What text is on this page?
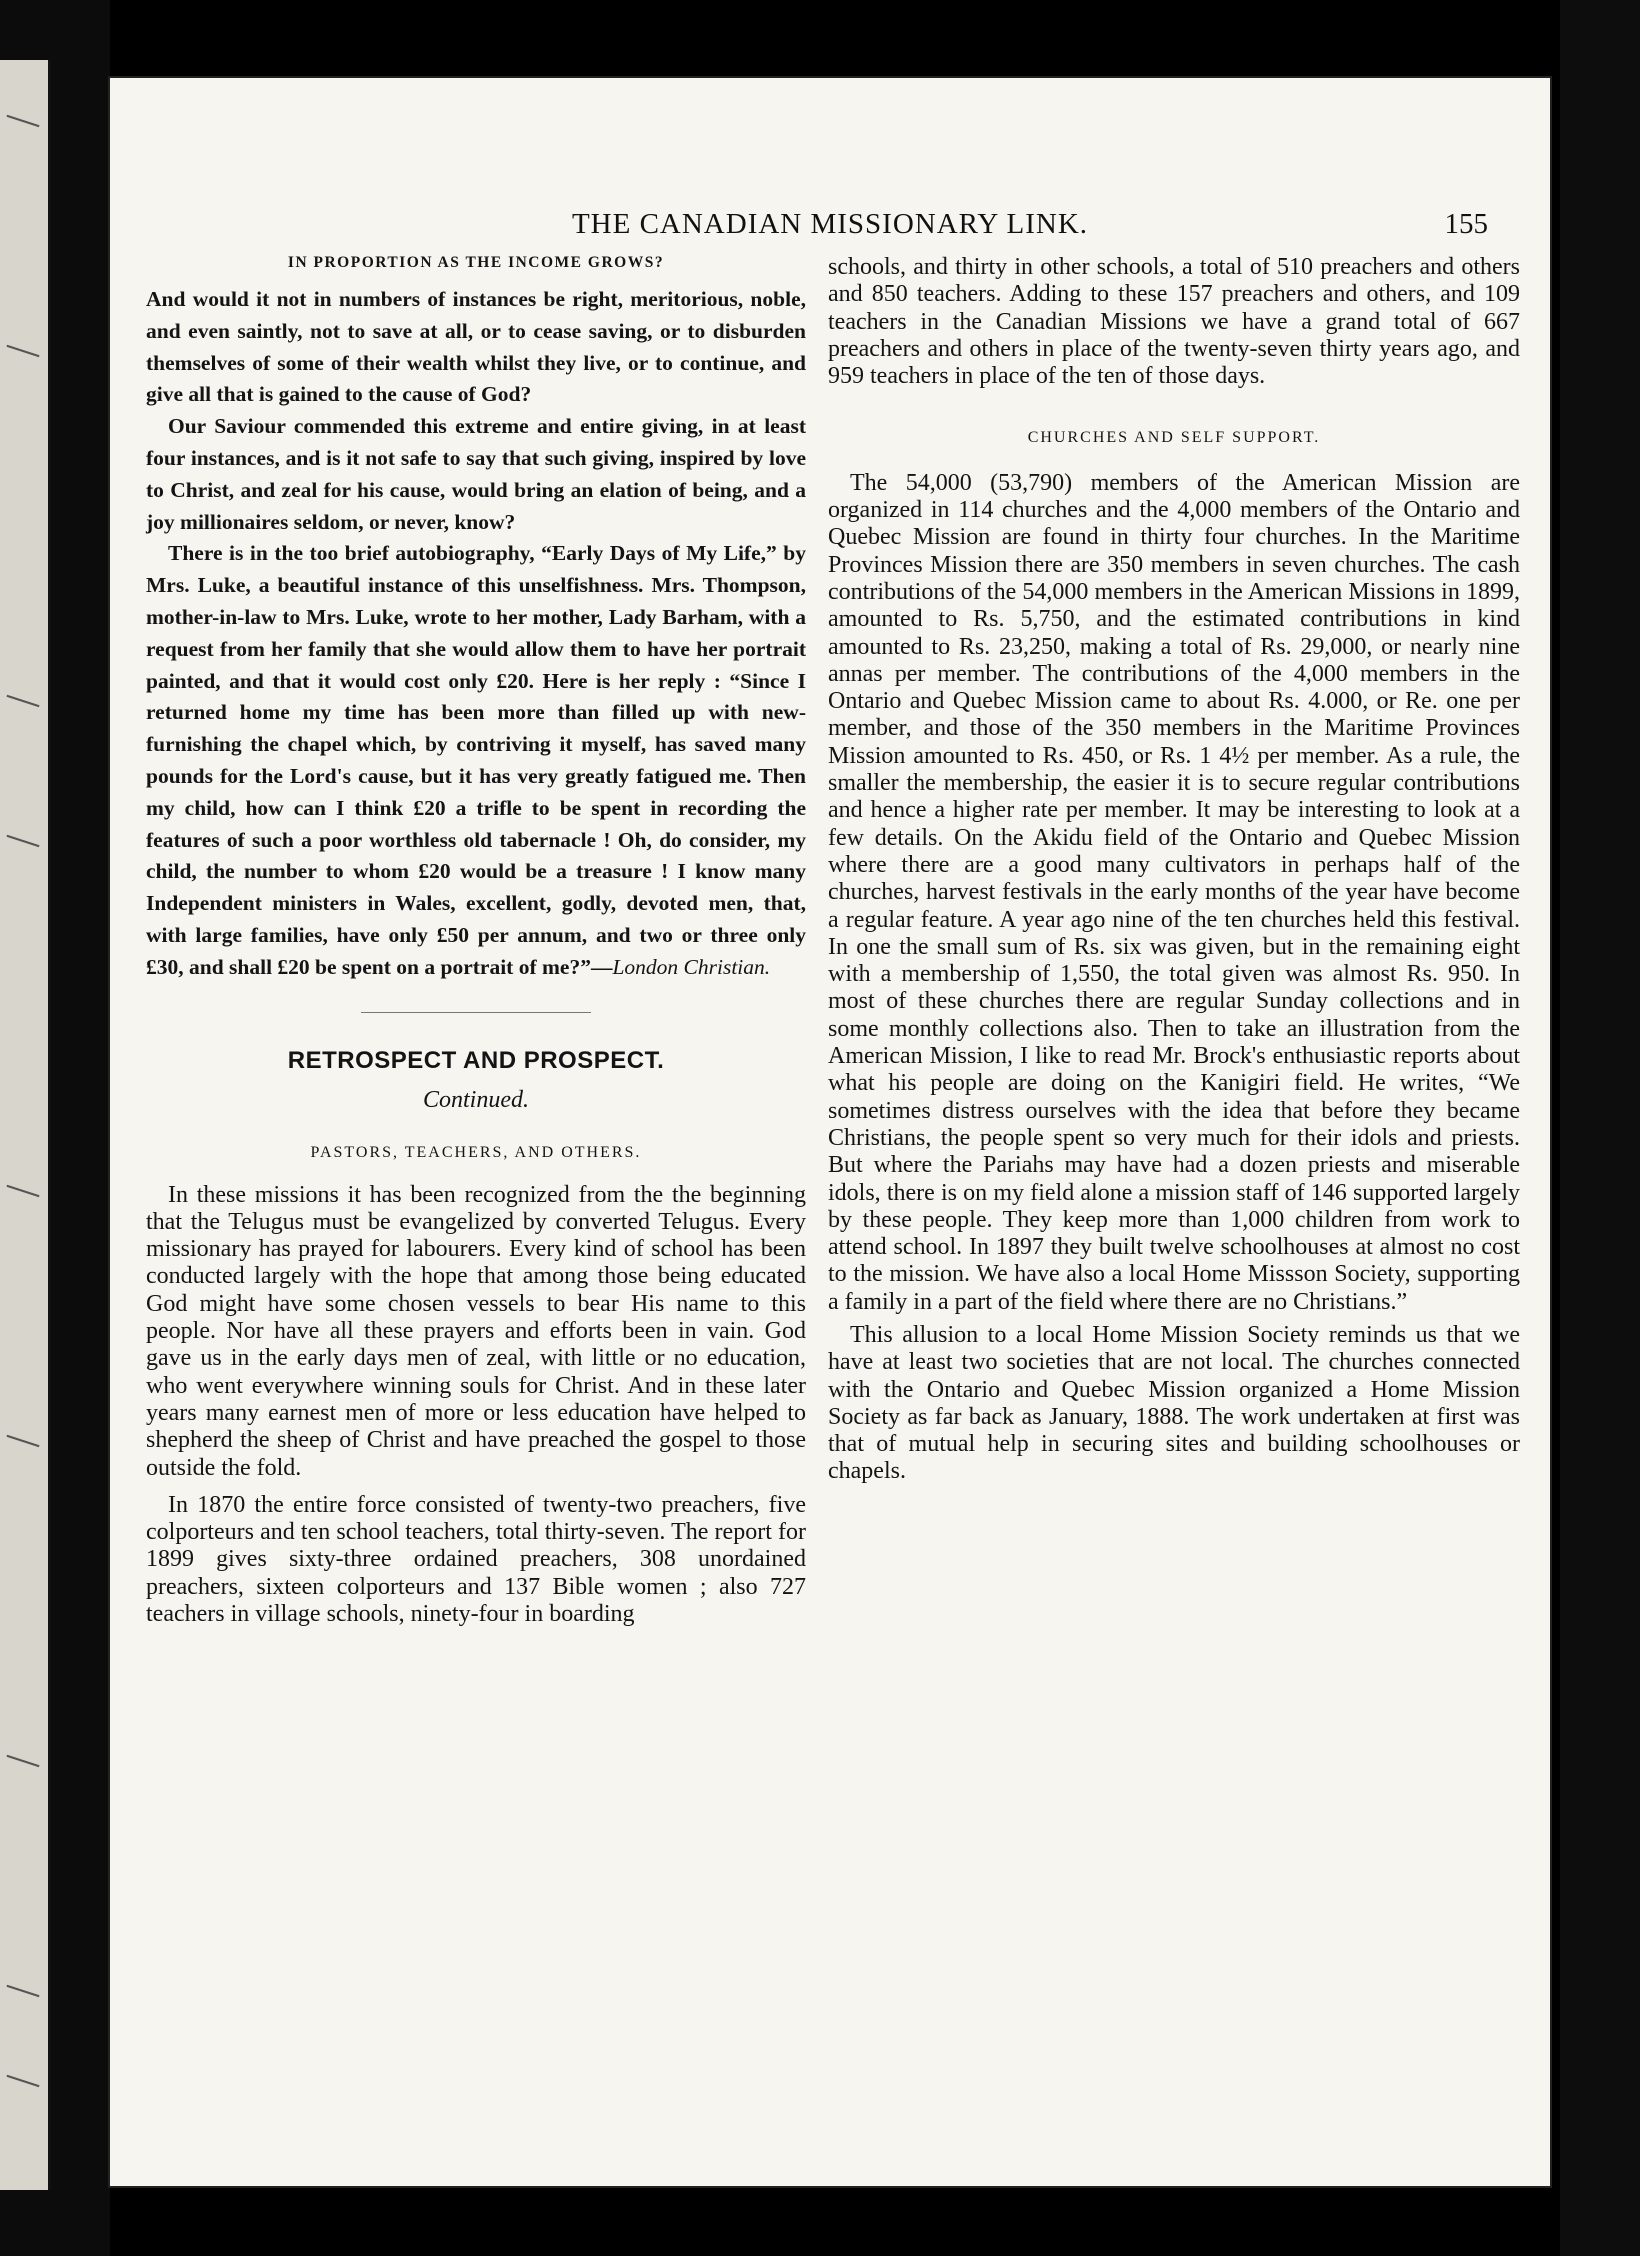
THE CANADIAN MISSIONARY LINK.	155
IN PROPORTION AS THE INCOME GROWS?

And would it not in numbers of instances be right, meritorious, noble, and even saintly, not to save at all, or to cease saving, or to disburden themselves of some of their wealth whilst they live, or to continue, and give all that is gained to the cause of God?

Our Saviour commended this extreme and entire giving, in at least four instances, and is it not safe to say that such giving, inspired by love to Christ, and zeal for his cause, would bring an elation of being, and a joy millionaires seldom, or never, know?

There is in the too brief autobiography, “Early Days of My Life,” by Mrs. Luke, a beautiful instance of this unselfishness. Mrs. Thompson, mother-in-law to Mrs. Luke, wrote to her mother, Lady Barham, with a request from her family that she would allow them to have her portrait painted, and that it would cost only £20. Here is her reply : “Since I returned home my time has been more than filled up with new-furnishing the chapel which, by contriving it myself, has saved many pounds for the Lord's cause, but it has very greatly fatigued me. Then my child, how can I think £20 a trifle to be spent in recording the features of such a poor worthless old tabernacle ! Oh, do consider, my child, the number to whom £20 would be a treasure ! I know many Independent ministers in Wales, excellent, godly, devoted men, that, with large families, have only £50 per annum, and two or three only £30, and shall £20 be spent on a portrait of me?”—London Christian.

RETROSPECT AND PROSPECT.
Continued.
PASTORS, TEACHERS, AND OTHERS.

In these missions it has been recognized from the the beginning that the Telugus must be evangelized by converted Telugus. Every missionary has prayed for labourers. Every kind of school has been conducted largely with the hope that among those being educated God might have some chosen vessels to bear His name to this people. Nor have all these prayers and efforts been in vain. God gave us in the early days men of zeal, with little or no education, who went everywhere winning souls for Christ. And in these later years many earnest men of more or less education have helped to shepherd the sheep of Christ and have preached the gospel to those outside the fold.

In 1870 the entire force consisted of twenty-two preachers, five colporteurs and ten school teachers, total thirty-seven. The report for 1899 gives sixty-three ordained preachers, 308 unordained preachers, sixteen colporteurs and 137 Bible women ; also 727 teachers in village schools, ninety-four in boarding

schools, and thirty in other schools, a total of 510 preachers and others and 850 teachers. Adding to these 157 preachers and others, and 109 teachers in the Canadian Missions we have a grand total of 667 preachers and others in place of the twenty-seven thirty years ago, and 959 teachers in place of the ten of those days.

CHURCHES AND SELF SUPPORT.

The 54,000 (53,790) members of the American Mission are organized in 114 churches and the 4,000 members of the Ontario and Quebec Mission are found in thirty four churches. In the Maritime Provinces Mission there are 350 members in seven churches. The cash contributions of the 54,000 members in the American Missions in 1899, amounted to Rs. 5,750, and the estimated contributions in kind amounted to Rs. 23,250, making a total of Rs. 29,000, or nearly nine annas per member. The contributions of the 4,000 members in the Ontario and Quebec Mission came to about Rs. 4.000, or Re. one per member, and those of the 350 members in the Maritime Provinces Mission amounted to Rs. 450, or Rs. 1 4½ per member. As a rule, the smaller the membership, the easier it is to secure regular contributions and hence a higher rate per member. It may be interesting to look at a few details. On the Akidu field of the Ontario and Quebec Mission where there are a good many cultivators in perhaps half of the churches, harvest festivals in the early months of the year have become a regular feature. A year ago nine of the ten churches held this festival. In one the small sum of Rs. six was given, but in the remaining eight with a membership of 1,550, the total given was almost Rs. 950. In most of these churches there are regular Sunday collections and in some monthly collections also. Then to take an illustration from the American Mission, I like to read Mr. Brock's enthusiastic reports about what his people are doing on the Kanigiri field. He writes, “We sometimes distress ourselves with the idea that before they became Christians, the people spent so very much for their idols and priests. But where the Pariahs may have had a dozen priests and miserable idols, there is on my field alone a mission staff of 146 supported largely by these people. They keep more than 1,000 children from work to attend school. In 1897 they built twelve schoolhouses at almost no cost to the mission. We have also a local Home Missson Society, supporting a family in a part of the field where there are no Christians.”

This allusion to a local Home Mission Society reminds us that we have at least two societies that are not local. The churches connected with the Ontario and Quebec Mission organized a Home Mission Society as far back as January, 1888. The work undertaken at first was that of mutual help in securing sites and building schoolhouses or chapels.
